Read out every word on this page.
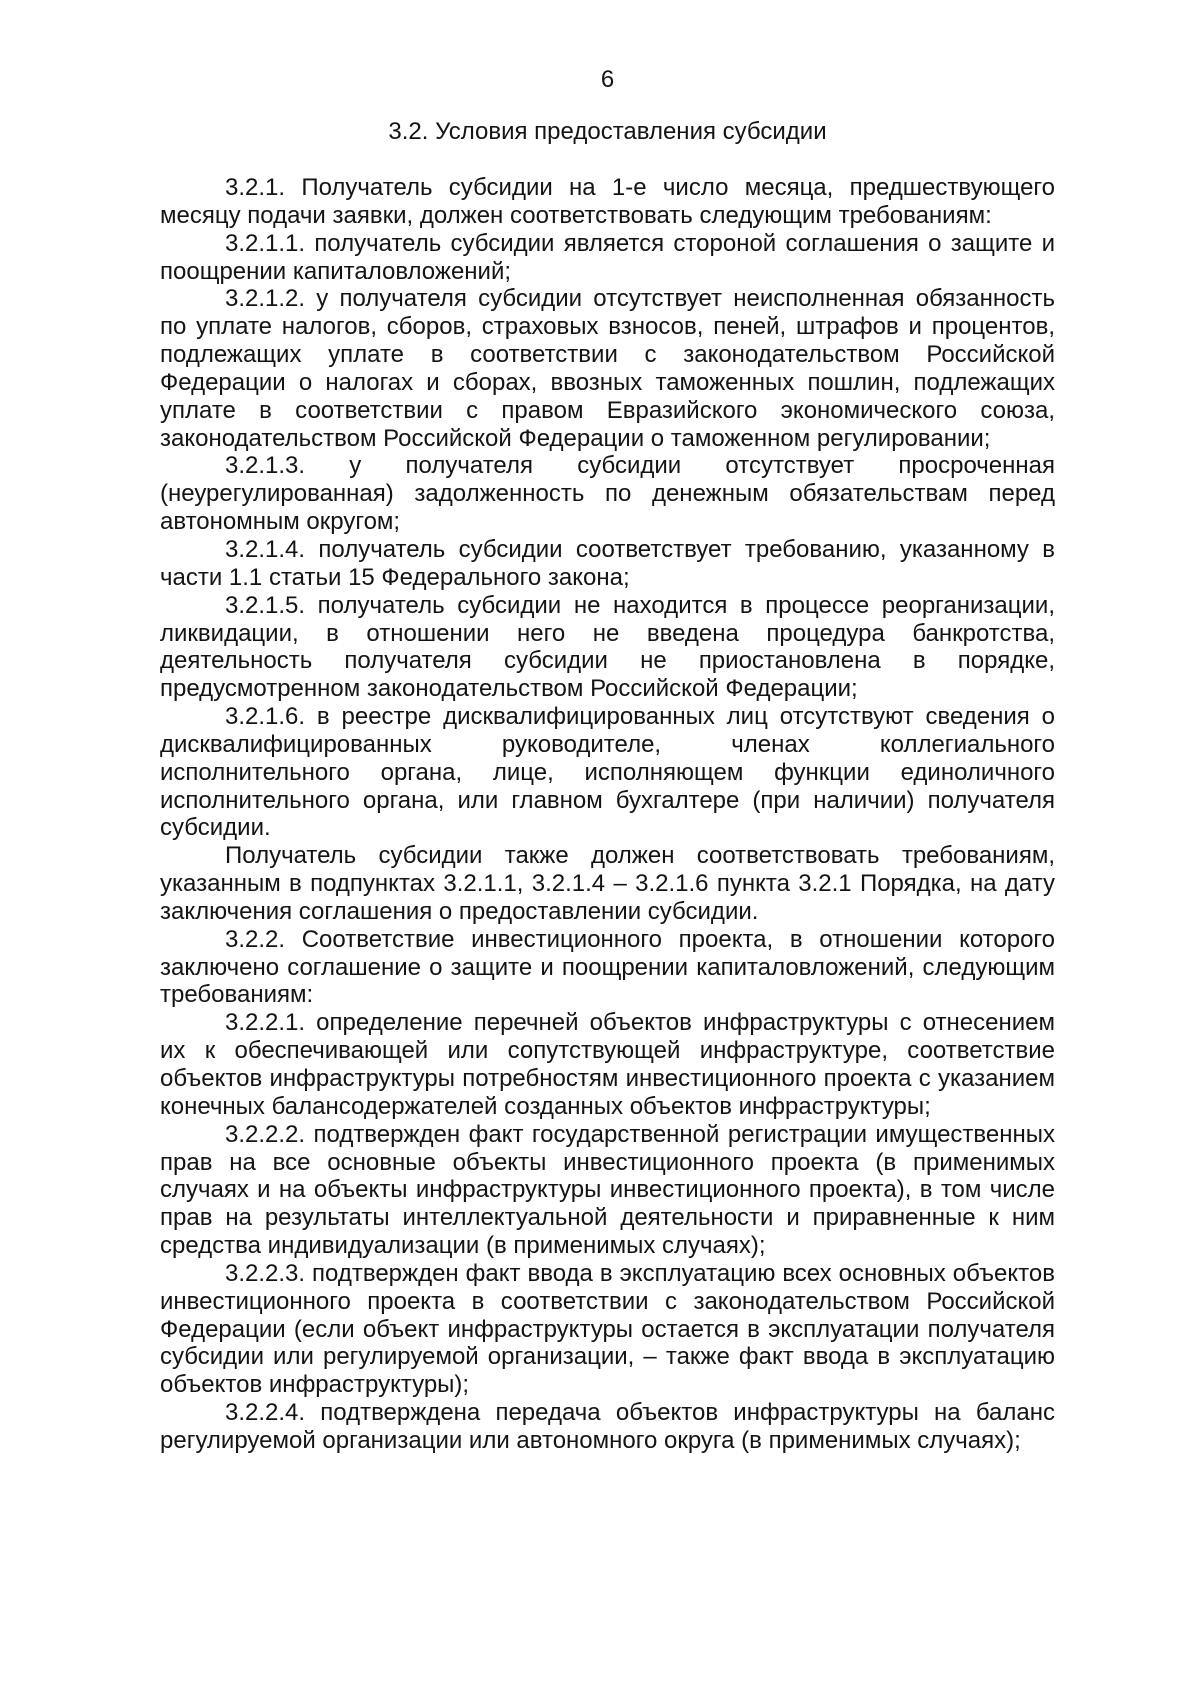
6
3.2. Условия предоставления субсидии
3.2.1. Получатель субсидии на 1-е число месяца, предшествующего
месяцу подачи заявки, должен соответствовать следующим требованиям:
3.2.1.1. получатель субсидии является стороной соглашения о защите и
поощрении капиталовложений;
3.2.1.2. у получателя субсидии отсутствует неисполненная обязанность
по уплате налогов, сборов, страховых взносов, пеней, штрафов и процентов,
подлежащих уплате в соответствии с законодательством Российской
Федерации о налогах и сборах, ввозных таможенных пошлин, подлежащих
уплате в соответствии с правом Евразийского экономического союза,
законодательством Российской Федерации о таможенном регулировании;
3.2.1.3. у получателя субсидии отсутствует просроченная
(неурегулированная) задолженность по денежным обязательствам перед
автономным округом;
3.2.1.4. получатель субсидии соответствует требованию, указанному в
части 1.1 статьи 15 Федерального закона;
3.2.1.5. получатель субсидии не находится в процессе реорганизации,
ликвидации, в отношении него не введена процедура банкротства,
деятельность получателя субсидии не приостановлена в порядке,
предусмотренном законодательством Российской Федерации;
3.2.1.6. в реестре дисквалифицированных лиц отсутствуют сведения о
дисквалифицированных руководителе, членах коллегиального
исполнительного органа, лице, исполняющем функции единоличного
исполнительного органа, или главном бухгалтере (при наличии) получателя
субсидии.
Получатель субсидии также должен соответствовать требованиям,
указанным в подпунктах 3.2.1.1, 3.2.1.4 – 3.2.1.6 пункта 3.2.1 Порядка, на дату
заключения соглашения о предоставлении субсидии.
3.2.2. Соответствие инвестиционного проекта, в отношении которого
заключено соглашение о защите и поощрении капиталовложений, следующим
требованиям:
3.2.2.1. определение перечней объектов инфраструктуры с отнесением
их к обеспечивающей или сопутствующей инфраструктуре, соответствие
объектов инфраструктуры потребностям инвестиционного проекта с указанием
конечных балансодержателей созданных объектов инфраструктуры;
3.2.2.2. подтвержден факт государственной регистрации имущественных
прав на все основные объекты инвестиционного проекта (в применимых
случаях и на объекты инфраструктуры инвестиционного проекта), в том числе
прав на результаты интеллектуальной деятельности и приравненные к ним
средства индивидуализации (в применимых случаях);
3.2.2.3. подтвержден факт ввода в эксплуатацию всех основных объектов
инвестиционного проекта в соответствии с законодательством Российской
Федерации (если объект инфраструктуры остается в эксплуатации получателя
субсидии или регулируемой организации, – также факт ввода в эксплуатацию
объектов инфраструктуры);
3.2.2.4. подтверждена передача объектов инфраструктуры на баланс
регулируемой организации или автономного округа (в применимых случаях);
